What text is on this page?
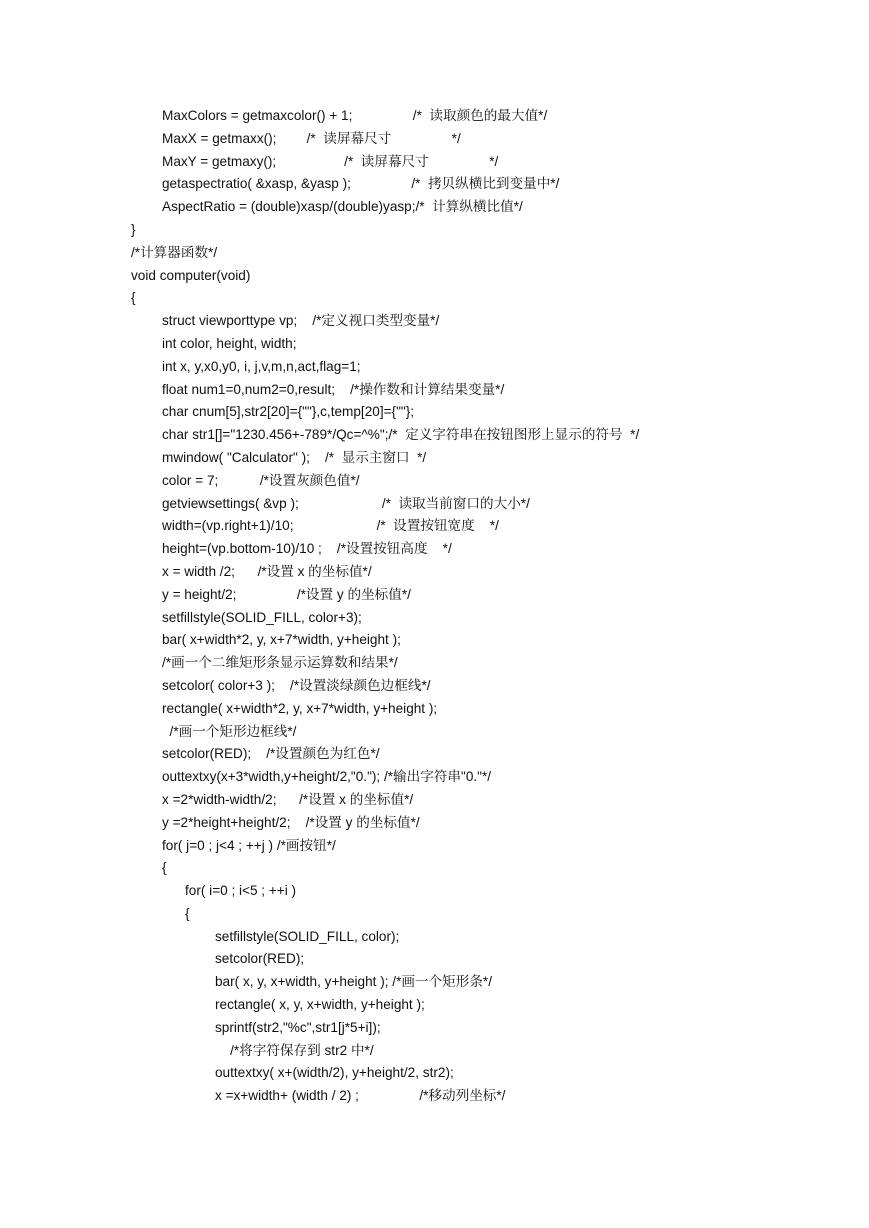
MaxColors = getmaxcolor() + 1;                /*  读取颜色的最大值*/
MaxX = getmaxx();        /*  读屏幕尺寸                */
MaxY = getmaxy();                  /*  读屏幕尺寸                */
getaspectratio( &xasp, &yasp );                /*  拷贝纵横比到变量中*/
AspectRatio = (double)xasp/(double)yasp;/*  计算纵横比值*/
}
/*计算器函数*/
void computer(void)
{
struct viewporttype vp;    /*定义视口类型变量*/
int color, height, width;
int x, y,x0,y0, i, j,v,m,n,act,flag=1;
float num1=0,num2=0,result;    /*操作数和计算结果变量*/
char cnum[5],str2[20]={""},c,temp[20]={""};
char str1[]="1230.456+-789*/Qc=^%";/*  定义字符串在按钮图形上显示的符号  */
mwindow( "Calculator" );    /*  显示主窗口  */
color = 7;           /*设置灰颜色值*/
getviewsettings( &vp );                      /*  读取当前窗口的大小*/
width=(vp.right+1)/10;                      /*  设置按钮宽度    */
height=(vp.bottom-10)/10 ;    /*设置按钮高度    */
x = width /2;      /*设置 x 的坐标值*/
y = height/2;                /*设置 y 的坐标值*/
setfillstyle(SOLID_FILL, color+3);
bar( x+width*2, y, x+7*width, y+height );
/*画一个二维矩形条显示运算数和结果*/
setcolor( color+3 );    /*设置淡绿颜色边框线*/
rectangle( x+width*2, y, x+7*width, y+height );
/*画一个矩形边框线*/
setcolor(RED);    /*设置颜色为红色*/
outtextxy(x+3*width,y+height/2,"0."); /*输出字符串"0."*/
x =2*width-width/2;      /*设置 x 的坐标值*/
y =2*height+height/2;    /*设置 y 的坐标值*/
for( j=0 ; j<4 ; ++j ) /*画按钮*/
{
for( i=0 ; i<5 ; ++i )
{
setfillstyle(SOLID_FILL, color);
setcolor(RED);
bar( x, y, x+width, y+height ); /*画一个矩形条*/
rectangle( x, y, x+width, y+height );
sprintf(str2,"%c",str1[j*5+i]);
/*将字符保存到 str2 中*/
outtextxy( x+(width/2), y+height/2, str2);
x =x+width+ (width / 2) ;                /*移动列坐标*/
